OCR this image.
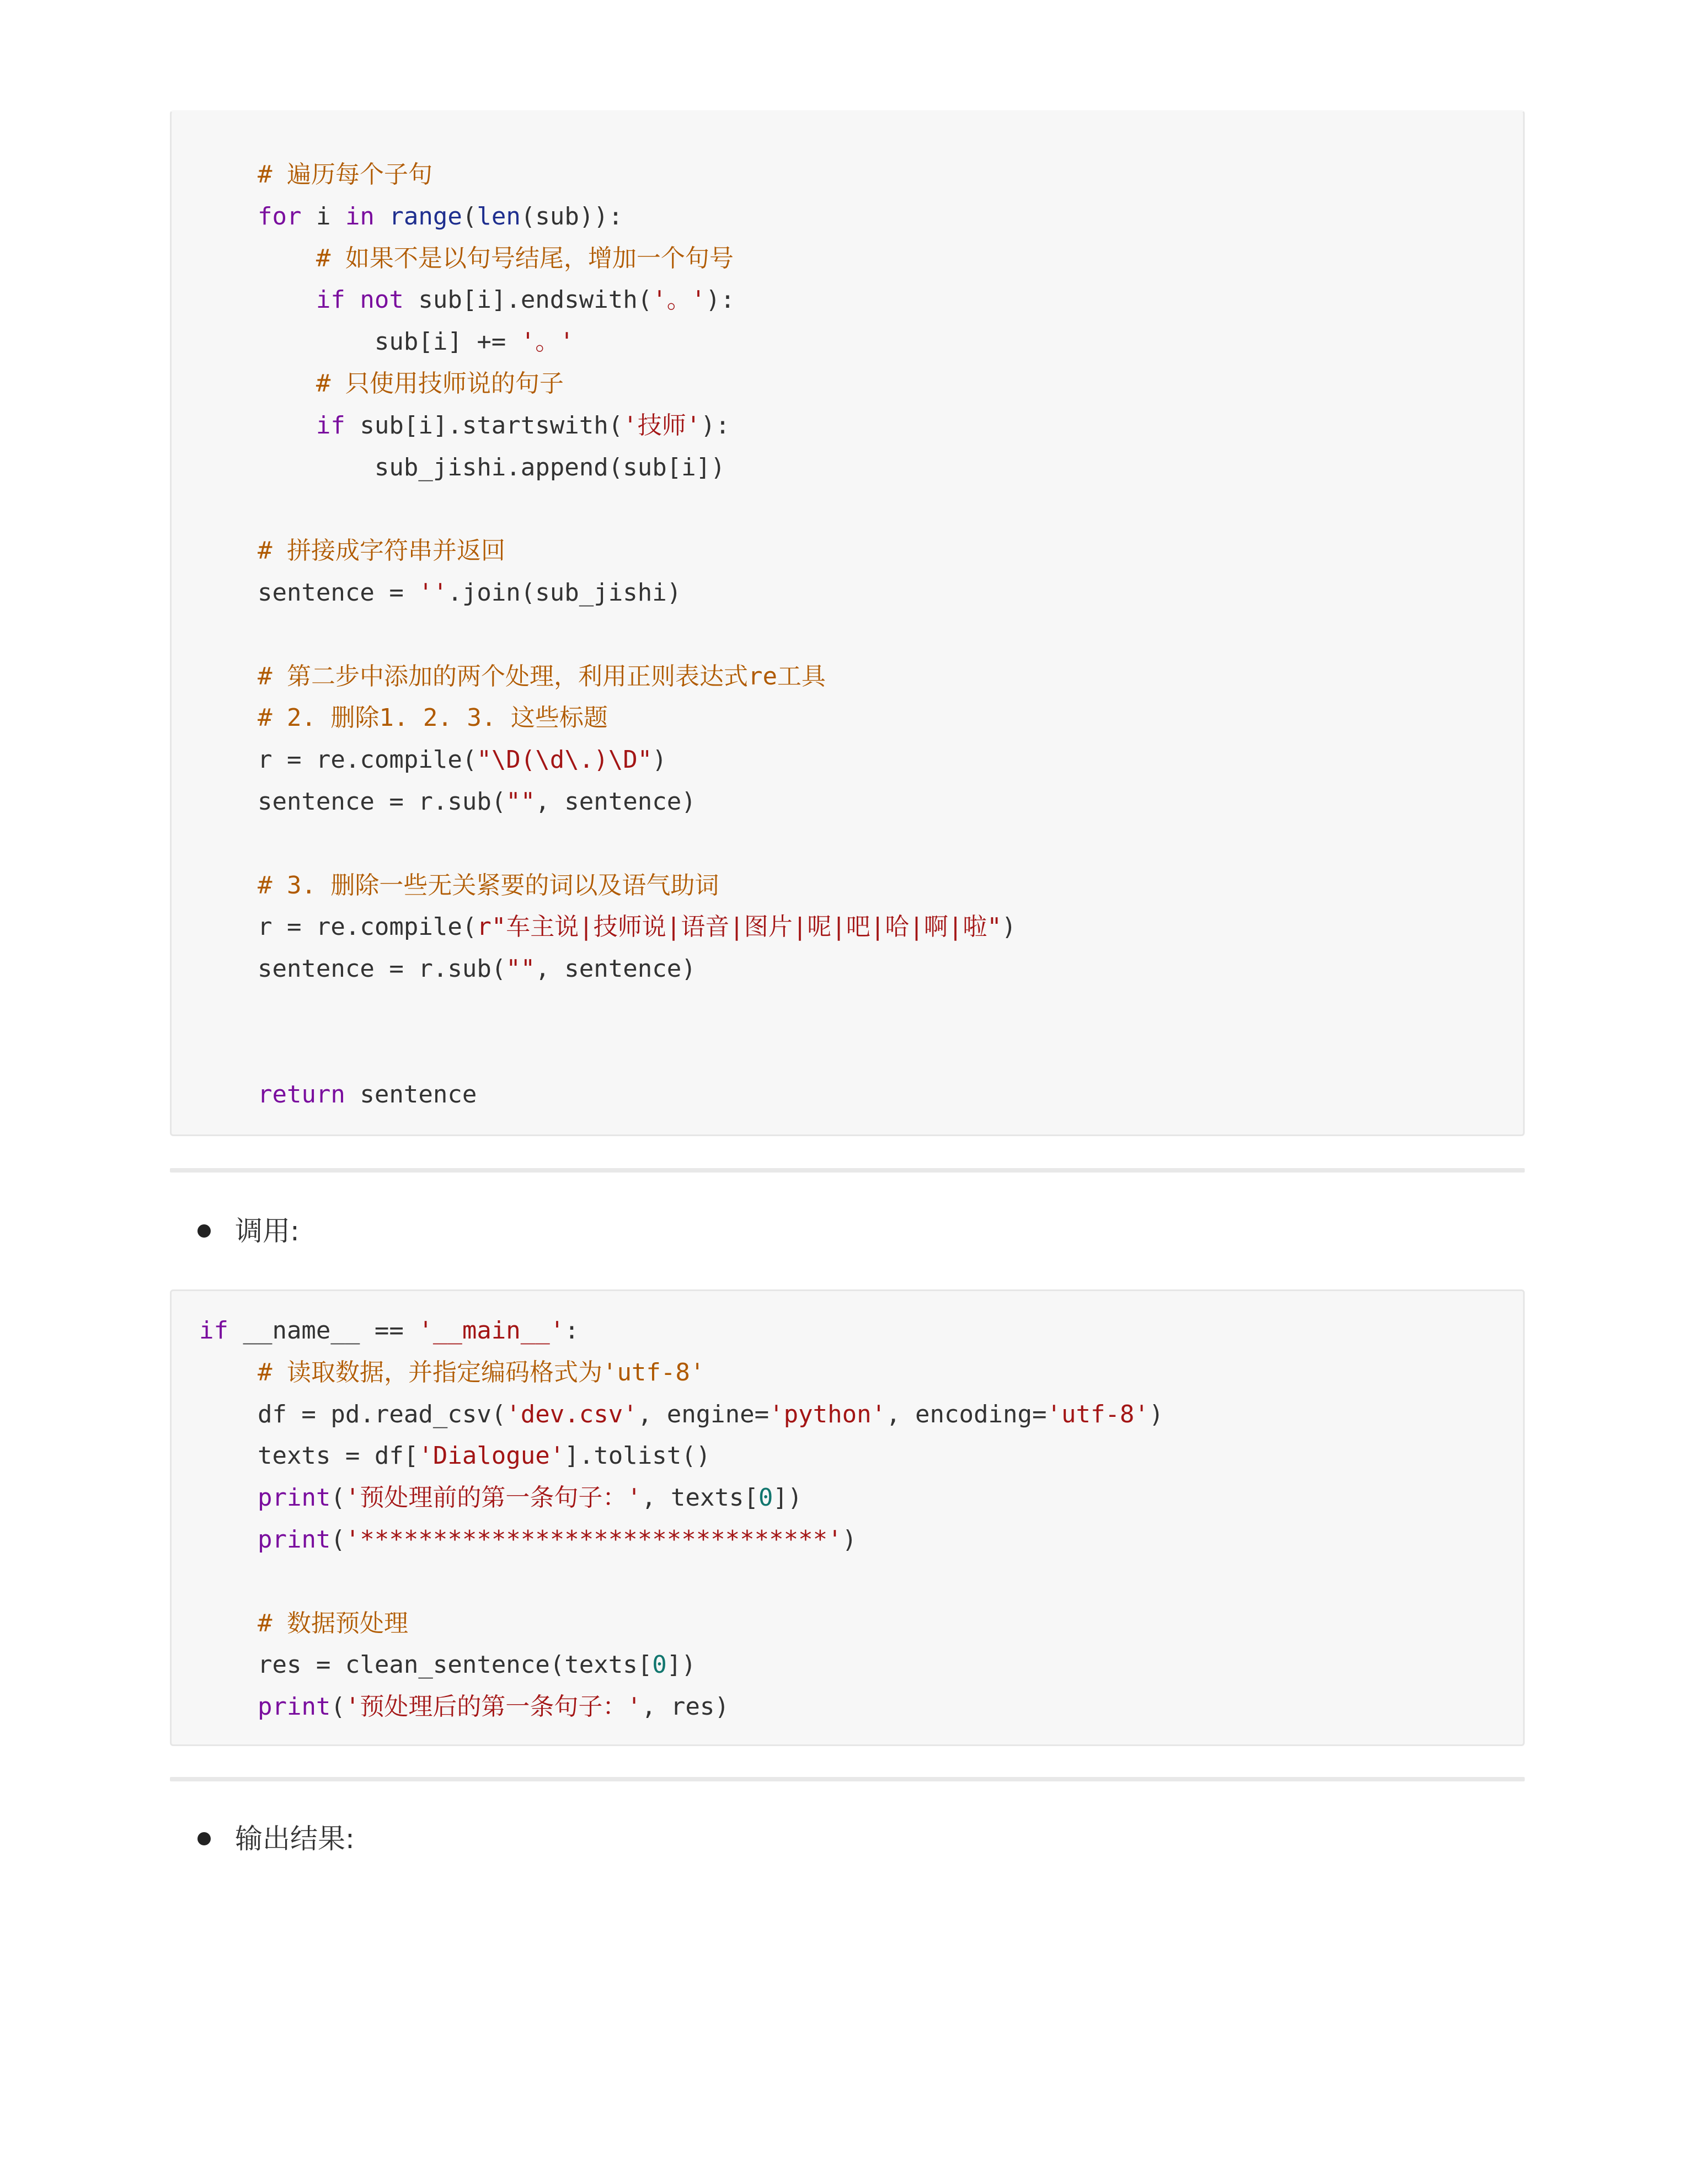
# 遍历每个子句
for i in range(len(sub)):
# 如果不是以句号结尾，增加一个句号
if not sub[i].endswith('。'):
sub[i] += '。'
# 只使用技师说的句子
if sub[i].startswith('技师'):
sub_jishi.append(sub[i])
# 拼接成字符串并返回
sentence = ''.join(sub_jishi)
# 第二步中添加的两个处理，利用正则表达式re工具
# 2. 删除1. 2. 3. 这些标题
r = re.compile("\D(\d\.)\D")
sentence = r.sub("", sentence)
# 3. 删除一些无关紧要的词以及语气助词
r = re.compile(r"车主说|技师说|语音|图片|呢|吧|哈|啊|啦")
sentence = r.sub("", sentence)
return sentence
调用:
if __name__ == '__main__':
# 读取数据，并指定编码格式为'utf-8'
df = pd.read_csv('dev.csv', engine='python', encoding='utf-8')
texts = df['Dialogue'].tolist()
print('预处理前的第一条句子：', texts[0])
print('********************************')
# 数据预处理
res = clean_sentence(texts[0])
print('预处理后的第一条句子：', res)
输出结果:
